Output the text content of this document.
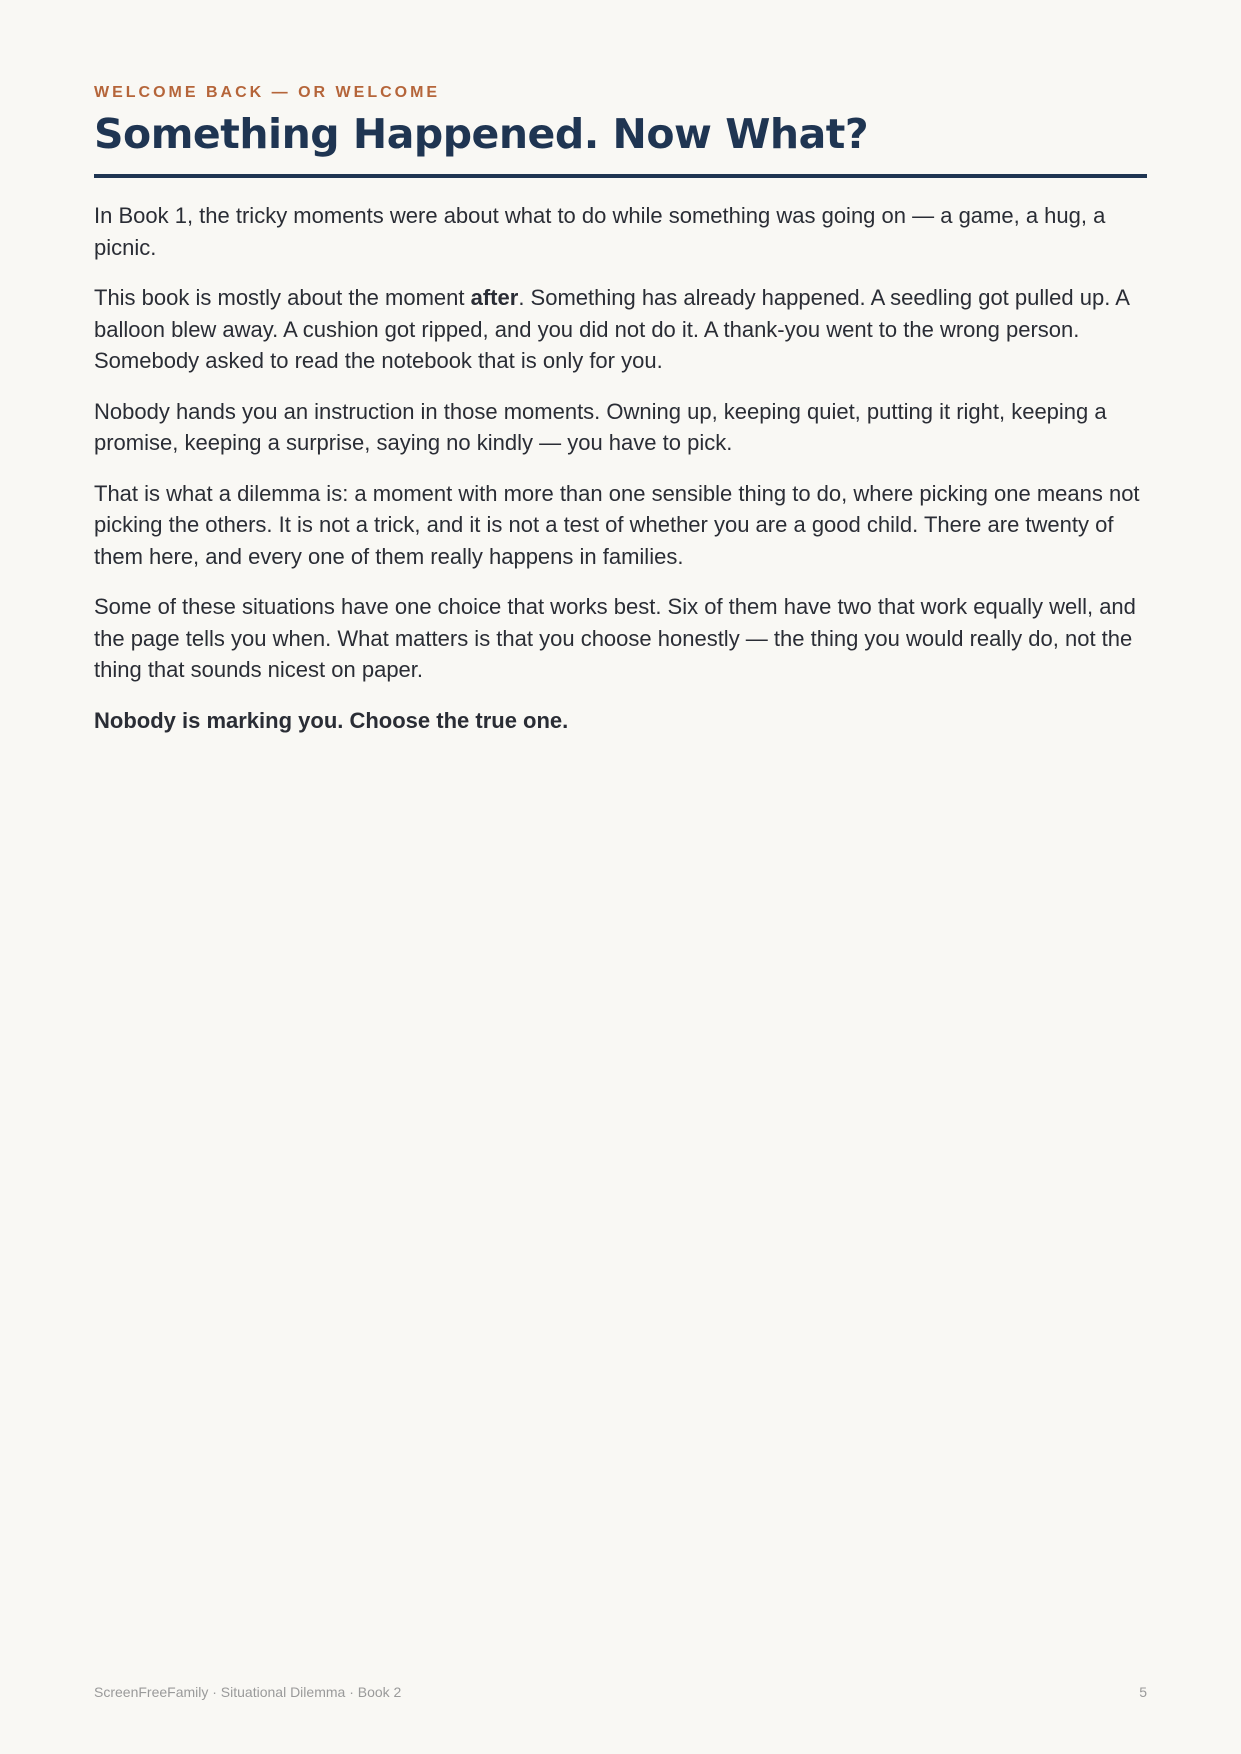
WELCOME BACK — OR WELCOME

Something Happened. Now What?

In Book 1, the tricky moments were about what to do while something was going on — a game, a hug, a picnic.

This book is mostly about the moment after. Something has already happened. A seedling got pulled up. A balloon blew away. A cushion got ripped, and you did not do it. A thank-you went to the wrong person. Somebody asked to read the notebook that is only for you.

Nobody hands you an instruction in those moments. Owning up, keeping quiet, putting it right, keeping a promise, keeping a surprise, saying no kindly — you have to pick.

That is what a dilemma is: a moment with more than one sensible thing to do, where picking one means not picking the others. It is not a trick, and it is not a test of whether you are a good child. There are twenty of them here, and every one of them really happens in families.

Some of these situations have one choice that works best. Six of them have two that work equally well, and the page tells you when. What matters is that you choose honestly — the thing you would really do, not the thing that sounds nicest on paper.

Nobody is marking you. Choose the true one.

ScreenFreeFamily · Situational Dilemma · Book 2	5
